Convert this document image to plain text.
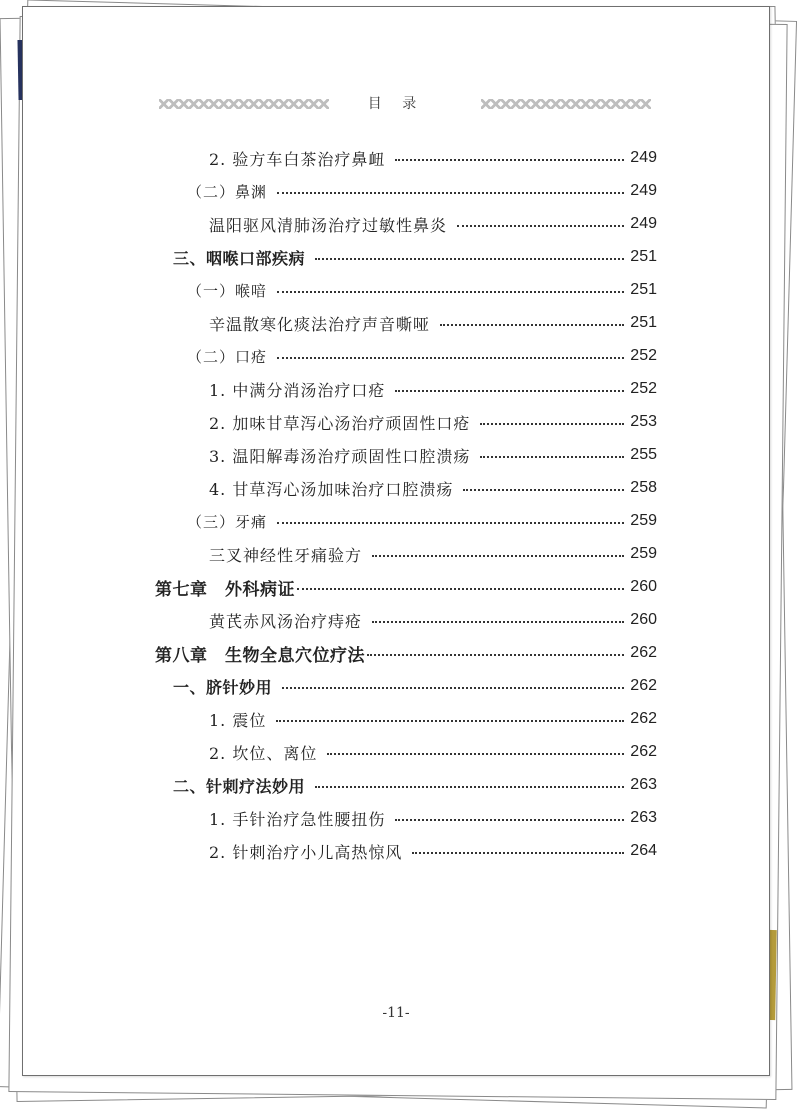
目 录
2. 验方车白茶治疗鼻衄	249
（二）鼻渊	249
温阳驱风清肺汤治疗过敏性鼻炎	249
三、咽喉口部疾病	251
（一）喉喑	251
辛温散寒化痰法治疗声音嘶哑	251
（二）口疮	252
1. 中满分消汤治疗口疮	252
2. 加味甘草泻心汤治疗顽固性口疮	253
3. 温阳解毒汤治疗顽固性口腔溃疡	255
4. 甘草泻心汤加味治疗口腔溃疡	258
（三）牙痛	259
三叉神经性牙痛验方	259
第七章　外科病证	260
黄芪赤风汤治疗痔疮	260
第八章　生物全息穴位疗法	262
一、脐针妙用	262
1. 震位	262
2. 坎位、离位	262
二、针刺疗法妙用	263
1. 手针治疗急性腰扭伤	263
2. 针刺治疗小儿高热惊风	264
-11-
